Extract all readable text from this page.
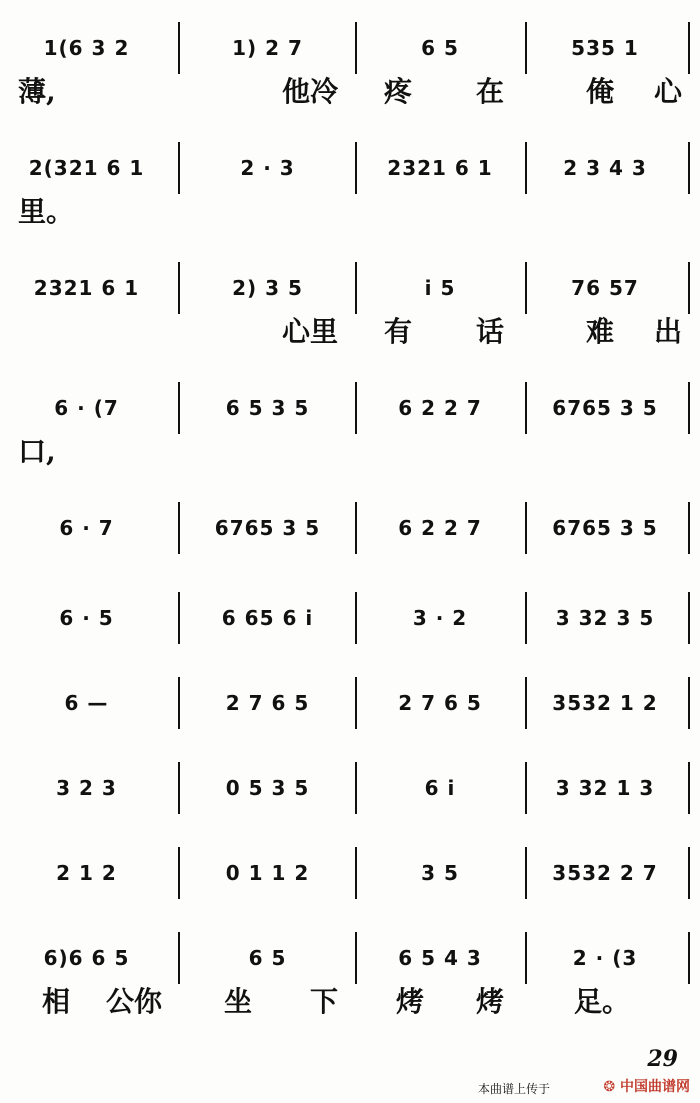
1(6 3 2	1) 2 7	6 5	535 1
薄,	他冷 疼 在	俺 心
2(321 6 1	2 · 3	2321 6 1	2 3 4 3
里。
2321 6 1	2) 3 5	i 5	76 57
心里 有 话	难 出
6 · (7	6 5 3 5	6 2 2 7	6765 3 5
口,
6 · 7	6765 3 5	6 2 2 7	6765 3 5
6 · 5	6 65 6 i	3 · 2	3 32 3 5
6 —	2 7 6 5	2 7 6 5	3532 1 2
3 2 3	0 5 3 5	6 i	3 32 1 3
2 1 2	0 1 1 2	3 5	3532 2 7
6)6 6 5	6 5	6 5 4 3	2 · (3
相 公你 坐 下 烤 烤 足。
29
本曲谱上传于	❂ 中国曲谱网
